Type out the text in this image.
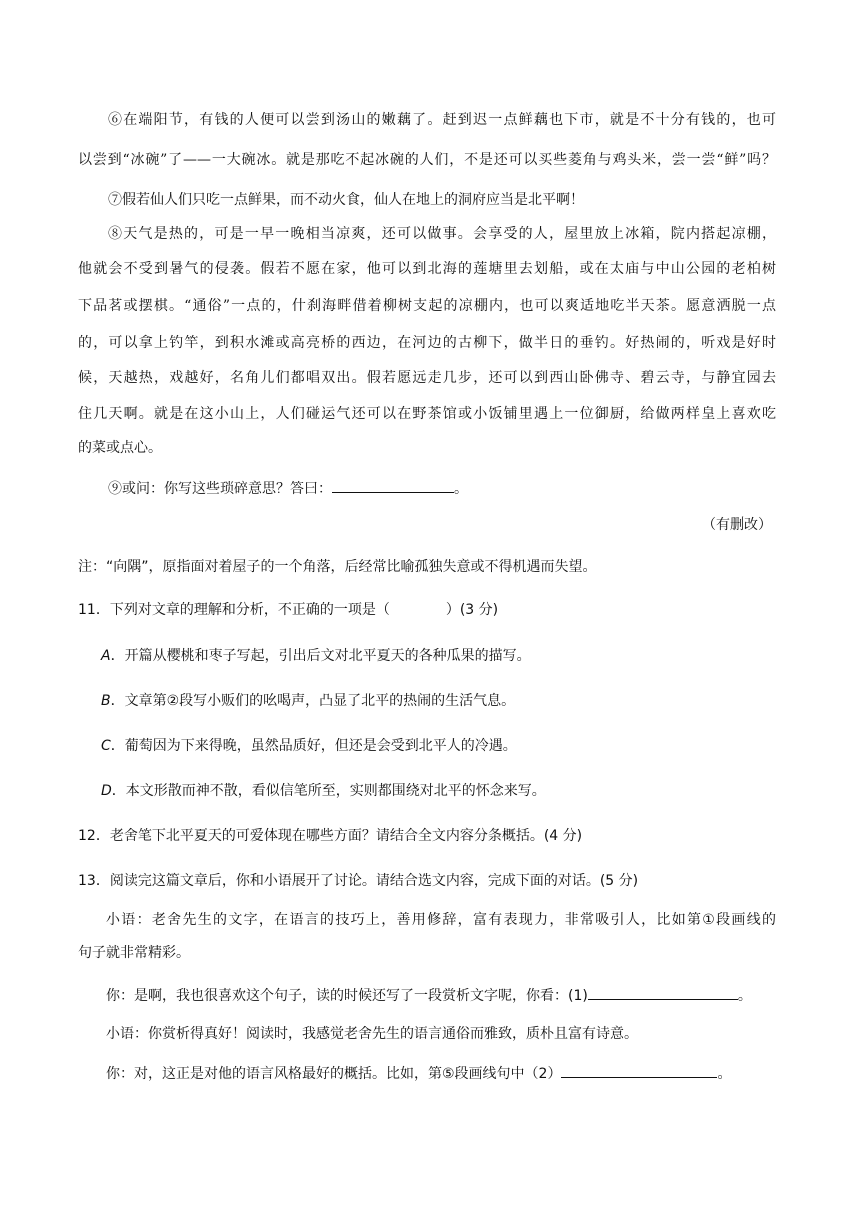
⑥在端阳节，有钱的人便可以尝到汤山的嫩藕了。赶到迟一点鲜藕也下市，就是不十分有钱的，也可
以尝到“冰碗”了——一大碗冰。就是那吃不起冰碗的人们，不是还可以买些菱角与鸡头米，尝一尝“鲜”吗？
⑦假若仙人们只吃一点鲜果，而不动火食，仙人在地上的洞府应当是北平啊！
⑧天气是热的，可是一早一晚相当凉爽，还可以做事。会享受的人，屋里放上冰箱，院内搭起凉棚，
他就会不受到暑气的侵袭。假若不愿在家，他可以到北海的莲塘里去划船，或在太庙与中山公园的老柏树
下品茗或摆棋。“通俗”一点的，什刹海畔借着柳树支起的凉棚内，也可以爽适地吃半天茶。愿意洒脱一点
的，可以拿上钓竿，到积水滩或高亮桥的西边，在河边的古柳下，做半日的垂钓。好热闹的，听戏是好时
候，天越热，戏越好，名角儿们都唱双出。假若愿远走几步，还可以到西山卧佛寺、碧云寺，与静宜园去
住几天啊。就是在这小山上，人们碰运气还可以在野茶馆或小饭铺里遇上一位御厨，给做两样皇上喜欢吃
的菜或点心。
⑨或问：你写这些琐碎意思？答曰：	。
（有删改）
注：“向隅”，原指面对着屋子的一个角落，后经常比喻孤独失意或不得机遇而失望。
11．下列对文章的理解和分析，不正确的一项是（　　　　）(3 分)
A．开篇从樱桃和枣子写起，引出后文对北平夏天的各种瓜果的描写。
B．文章第②段写小贩们的吆喝声，凸显了北平的热闹的生活气息。
C．葡萄因为下来得晚，虽然品质好，但还是会受到北平人的冷遇。
D．本文形散而神不散，看似信笔所至，实则都围绕对北平的怀念来写。
12．老舍笔下北平夏天的可爱体现在哪些方面？请结合全文内容分条概括。(4 分)
13．阅读完这篇文章后，你和小语展开了讨论。请结合选文内容，完成下面的对话。(5 分)
小语：老舍先生的文字，在语言的技巧上，善用修辞，富有表现力，非常吸引人，比如第①段画线的
句子就非常精彩。
你：是啊，我也很喜欢这个句子，读的时候还写了一段赏析文字呢，你看：(1)	。
小语：你赏析得真好！阅读时，我感觉老舍先生的语言通俗而雅致，质朴且富有诗意。
你：对，这正是对他的语言风格最好的概括。比如，第⑤段画线句中（2）	。
